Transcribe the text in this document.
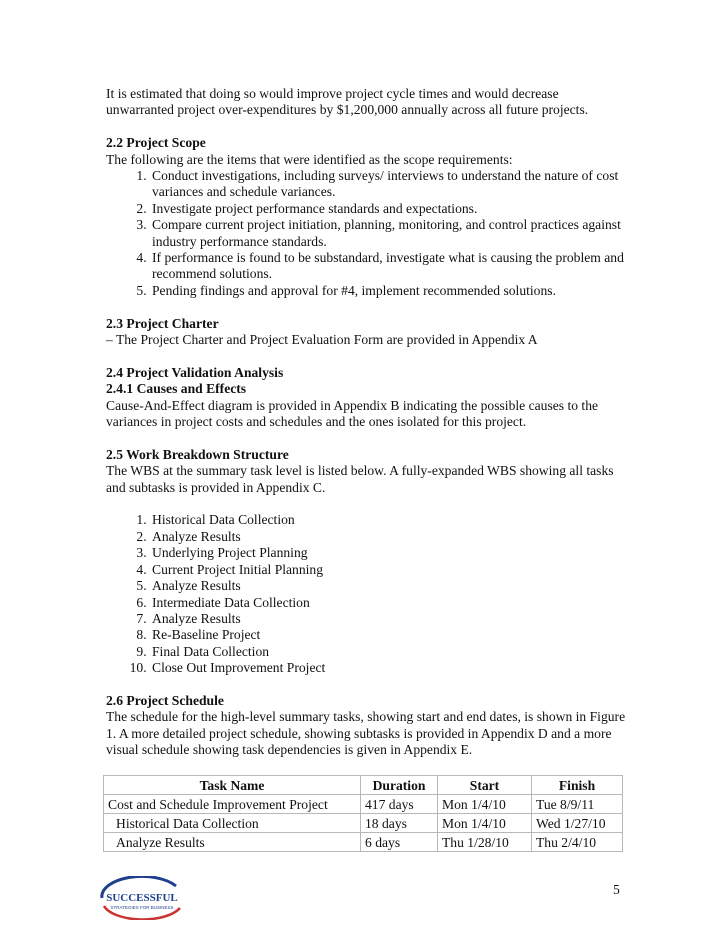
It is estimated that doing so would improve project cycle times and would decrease unwarranted project over-expenditures by $1,200,000 annually across all future projects.

2.2 Project Scope

The following are the items that were identified as the scope requirements:

1. Conduct investigations, including surveys/ interviews to understand the nature of cost variances and schedule variances.
2. Investigate project performance standards and expectations.
3. Compare current project initiation, planning, monitoring, and control practices against industry performance standards.
4. If performance is found to be substandard, investigate what is causing the problem and recommend solutions.
5. Pending findings and approval for #4, implement recommended solutions.
2.3 Project Charter

– The Project Charter and Project Evaluation Form are provided in Appendix A

2.4 Project Validation Analysis
2.4.1 Causes and Effects

Cause-And-Effect diagram is provided in Appendix B indicating the possible causes to the variances in project costs and schedules and the ones isolated for this project.

2.5 Work Breakdown Structure

The WBS at the summary task level is listed below. A fully-expanded WBS showing all tasks and subtasks is provided in Appendix C.

1. Historical Data Collection
2. Analyze Results
3. Underlying Project Planning
4. Current Project Initial Planning
5. Analyze Results
6. Intermediate Data Collection
7. Analyze Results
8. Re-Baseline Project
9. Final Data Collection
10. Close Out Improvement Project
2.6 Project Schedule

The schedule for the high-level summary tasks, showing start and end dates, is shown in Figure 1. A more detailed project schedule, showing subtasks is provided in Appendix D and a more visual schedule showing task dependencies is given in Appendix E.

Task Name	Duration	Start	Finish
Cost and Schedule Improvement Project	417 days	Mon 1/4/10	Tue 8/9/11
Historical Data Collection	18 days	Mon 1/4/10	Wed 1/27/10
Analyze Results	6 days	Thu 1/28/10	Thu 2/4/10
SUCCESSFUL
STRATEGIES FOR BUSINESS
5
